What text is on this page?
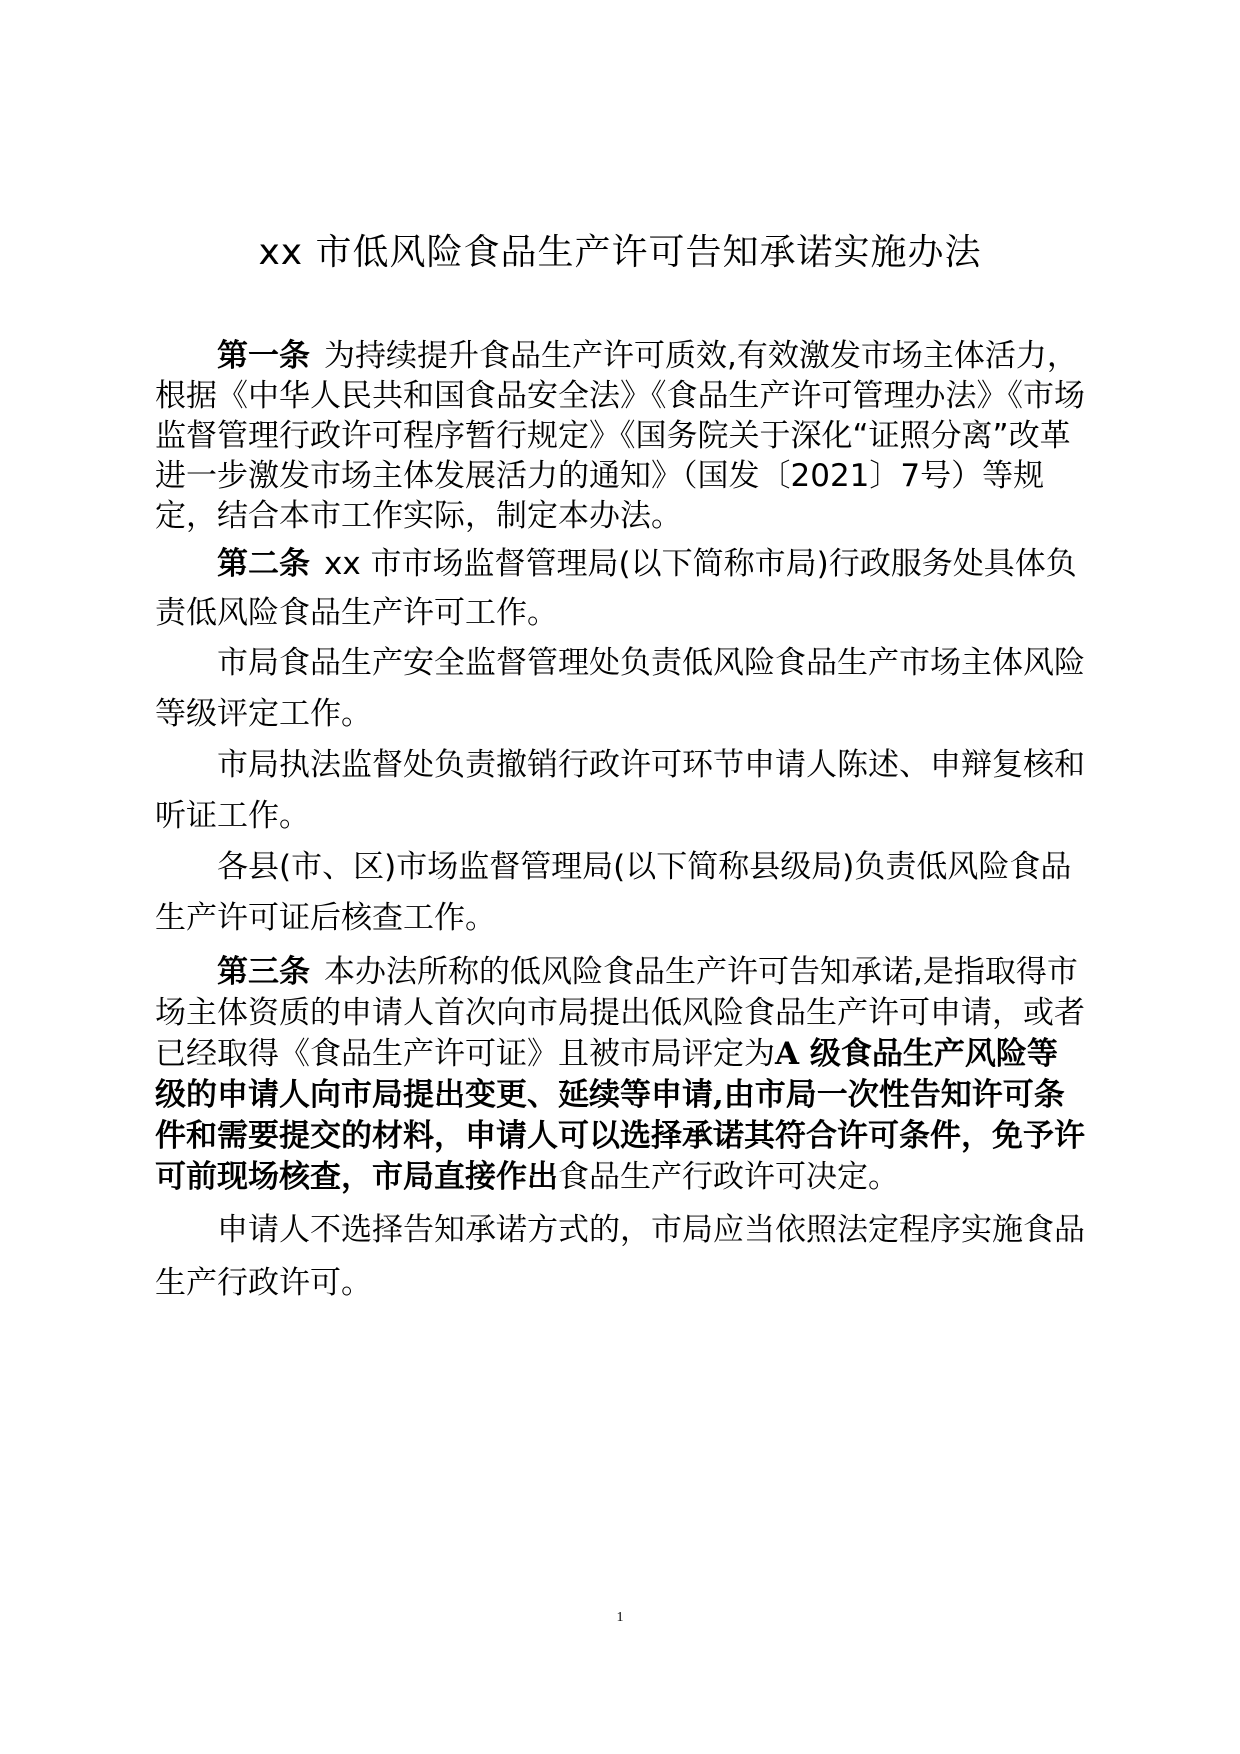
xx 市低风险食品生产许可告知承诺实施办法

第一条 为持续提升食品生产许可质效,有效激发市场主体活力，根据《中华人民共和国食品安全法》《食品生产许可管理办法》《市场监督管理行政许可程序暂行规定》《国务院关于深化“证照分离”改革进一步激发市场主体发展活力的通知》（国发〔2021〕7号）等规定，结合本市工作实际，制定本办法。

第二条 xx 市市场监督管理局(以下简称市局)行政服务处具体负责低风险食品生产许可工作。

市局食品生产安全监督管理处负责低风险食品生产市场主体风险等级评定工作。

市局执法监督处负责撤销行政许可环节申请人陈述、申辩复核和听证工作。

各县(市、区)市场监督管理局(以下简称县级局)负责低风险食品生产许可证后核查工作。

第三条 本办法所称的低风险食品生产许可告知承诺,是指取得市场主体资质的申请人首次向市局提出低风险食品生产许可申请，或者已经取得《食品生产许可证》且被市局评定为A 级食品生产风险等级的申请人向市局提出变更、延续等申请,由市局一次性告知许可条件和需要提交的材料，申请人可以选择承诺其符合许可条件，免予许可前现场核查，市局直接作出食品生产行政许可决定。

申请人不选择告知承诺方式的，市局应当依照法定程序实施食品生产行政许可。

1
